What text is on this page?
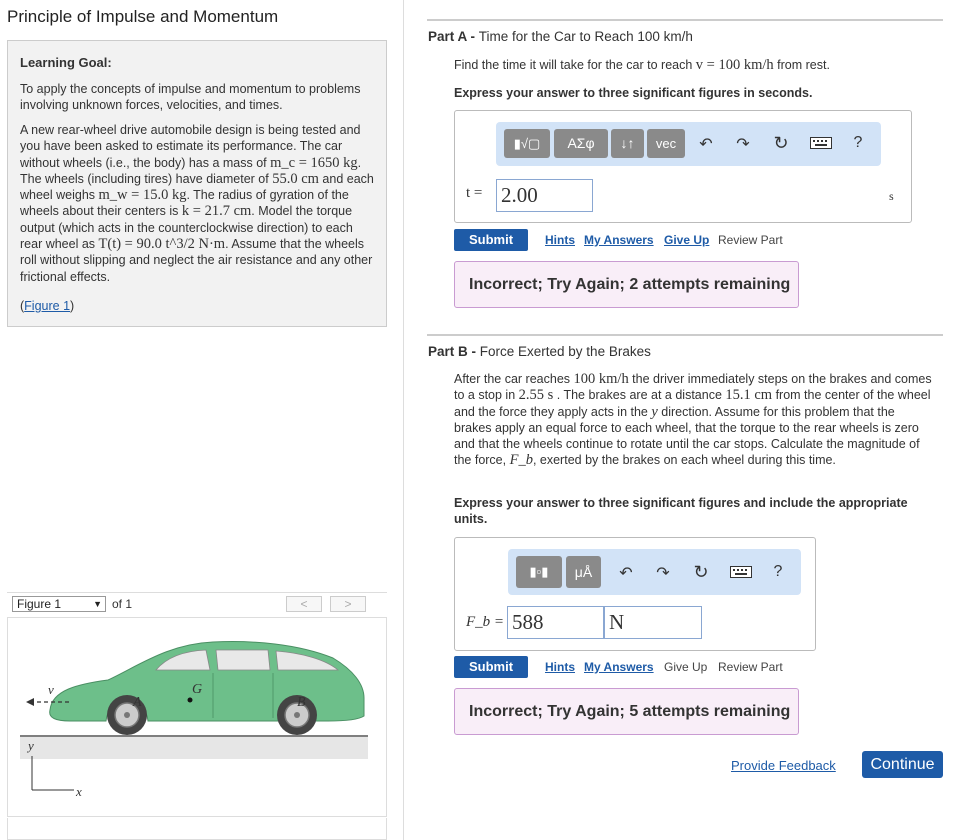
Principle of Impulse and Momentum
Learning Goal:
To apply the concepts of impulse and momentum to problems involving unknown forces, velocities, and times.
A new rear-wheel drive automobile design is being tested and you have been asked to estimate its performance. The car without wheels (i.e., the body) has a mass of m_c = 1650 kg. The wheels (including tires) have diameter of 55.0 cm and each wheel weighs m_w = 15.0 kg. The radius of gyration of the wheels about their centers is k = 21.7 cm. Model the torque output (which acts in the counterclockwise direction) to each rear wheel as T(t) = 90.0 t^3/2 N·m. Assume that the wheels roll without slipping and neglect the air resistance and any other frictional effects.
(Figure 1)
Figure 1	▼ of 1	<	>
v	G
A	B
y
x
Part A - Time for the Car to Reach 100 km/h
Find the time it will take for the car to reach v = 100 km/h from rest.
Express your answer to three significant figures in seconds.
▮√▢	ΑΣφ	↓↑	vec	↶ ↷ ↻	?
t = 2.00	s
Submit	Hints My Answers Give Up Review Part
Incorrect; Try Again; 2 attempts remaining
Part B - Force Exerted by the Brakes
After the car reaches 100 km/h the driver immediately steps on the brakes and comes to a stop in 2.55 s . The brakes are at a distance 15.1 cm from the center of the wheel and the force they apply acts in the y direction. Assume for this problem that the brakes apply an equal force to each wheel, that the torque to the rear wheels is zero and that the wheels continue to rotate until the car stops. Calculate the magnitude of the force, F_b, exerted by the brakes on each wheel during this time.
Express your answer to three significant figures and include the appropriate units.
▮▫▮	μÅ	↶ ↷ ↻	?
F_b = 588	N
Submit	Hints My Answers Give Up Review Part
Incorrect; Try Again; 5 attempts remaining
Provide Feedback	Continue
